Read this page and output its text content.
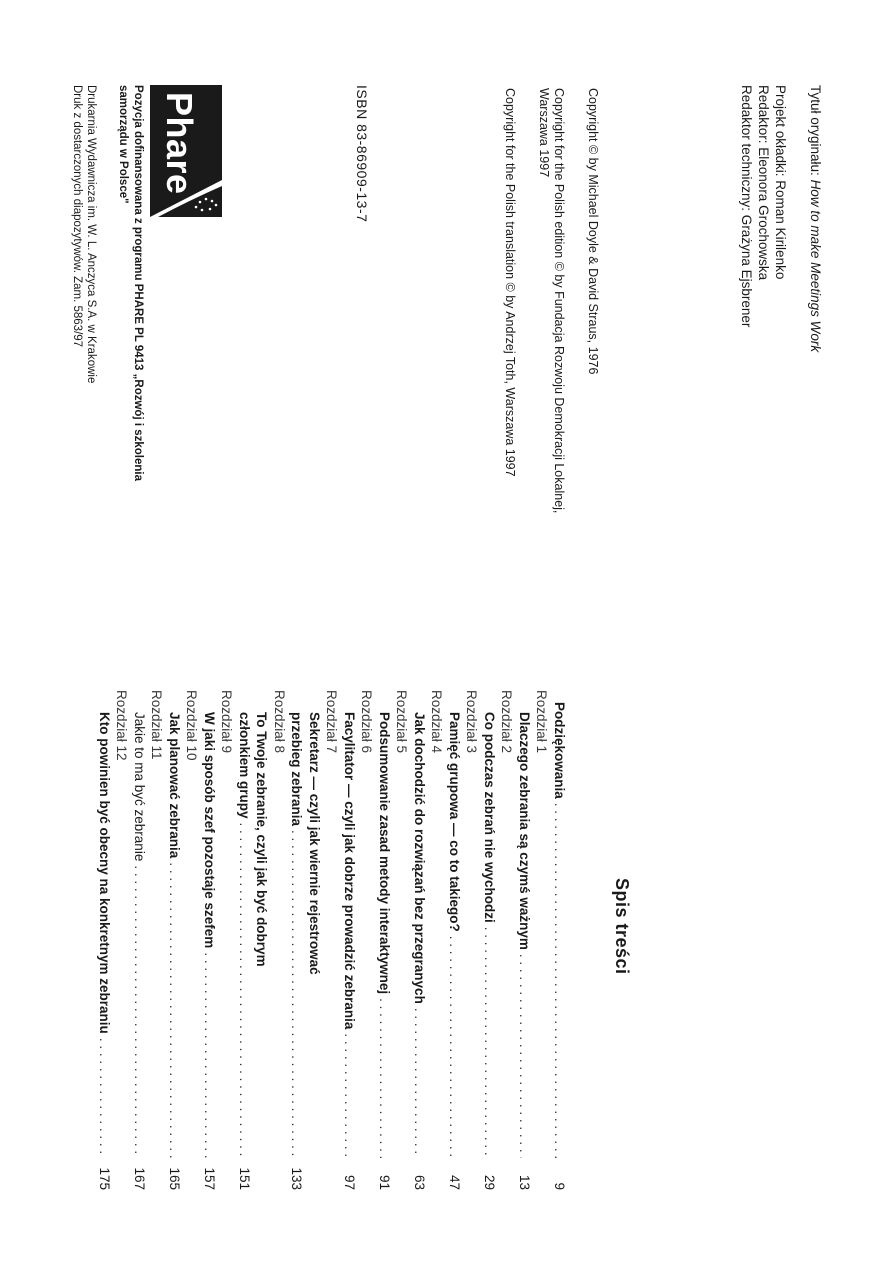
Tytuł oryginału: How to make Meetings Work
Projekt okładki: Roman Kirilenko
Redaktor: Eleonora Grochowska
Redaktor techniczny: Grażyna Ejsbrener

Copyright © by Michael Doyle & David Straus, 1976

Copyright for the Polish edition © by Fundacja Rozwoju Demokracji Lokalnej,
Warszawa 1997

Copyright for the Polish translation © by Andrzej Toth, Warszawa 1997

ISBN 83-86909-13-7
Phare
Pozycja dofinansowana z programu PHARE PL 9413 „Rozwój i szkolenia
samorządu w Polsce"
Drukarnia Wydawnicza im. W. L. Anczyca S.A. w Krakowie
Druk z dostarczonych diapozytywów. Zam. 5863/97
Spis treści
Podziękowania
. . .
9
Rozdział 1
Dlaczego zebrania są czymś ważnym
. . .
13
Rozdział 2
Co podczas zebrań nie wychodzi
. . .
29
Rozdział 3
Pamięć grupowa — co to takiego?
. . .
47
Rozdział 4
Jak dochodzić do rozwiązań bez przegranych
. . .
63
Rozdział 5
Podsumowanie zasad metody interaktywnej
. . .
91
Rozdział 6
Facylitator — czyli jak dobrze prowadzić zebrania
. . .
97
Rozdział 7
Sekretarz — czyli jak wiernie rejestrować
przebieg zebrania
. . .
133
Rozdział 8
To Twoje zebranie, czyli jak być dobrym
członkiem grupy
. . .
151
Rozdział 9
W jaki sposób szef pozostaje szefem
. . .
157
Rozdział 10
Jak planować zebrania
. . .
165
Rozdział 11
Jakie to ma być zebranie
. . .
167
Rozdział 12
Kto powinien być obecny na konkretnym zebraniu
. . .
175
